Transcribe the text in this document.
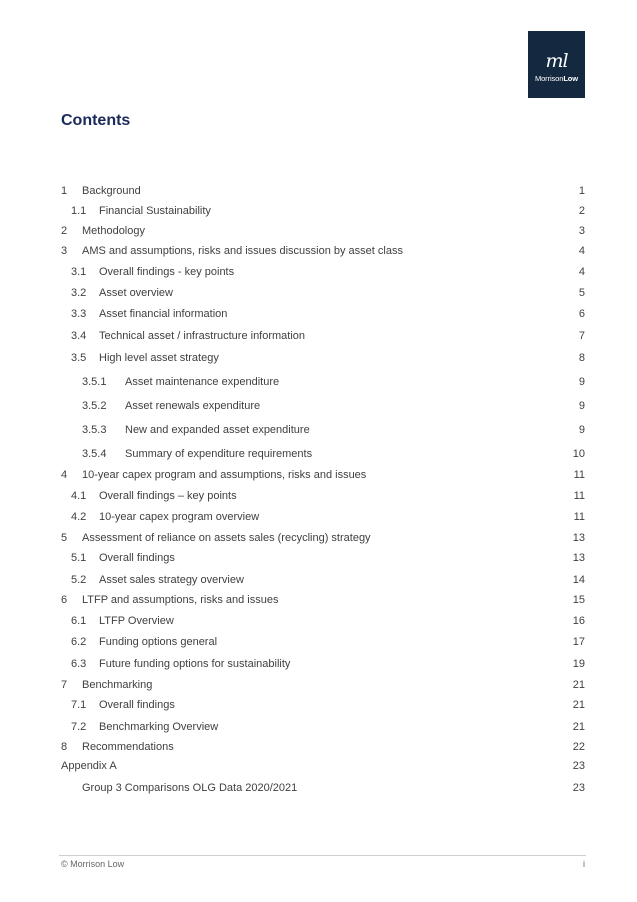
ml
MorrisonLow
Contents
1 Background	1
1.1 Financial Sustainability	2
2 Methodology	3
3 AMS and assumptions, risks and issues discussion by asset class	4
3.1 Overall findings - key points	4
3.2 Asset overview	5
3.3 Asset financial information	6
3.4 Technical asset / infrastructure information	7
3.5 High level asset strategy	8
3.5.1 Asset maintenance expenditure	9
3.5.2 Asset renewals expenditure	9
3.5.3 New and expanded asset expenditure	9
3.5.4 Summary of expenditure requirements	10
4 10-year capex program and assumptions, risks and issues	11
4.1 Overall findings – key points	11
4.2 10-year capex program overview	11
5 Assessment of reliance on assets sales (recycling) strategy	13
5.1 Overall findings	13
5.2 Asset sales strategy overview	14
6 LTFP and assumptions, risks and issues	15
6.1 LTFP Overview	16
6.2 Funding options general	17
6.3 Future funding options for sustainability	19
7 Benchmarking	21
7.1 Overall findings	21
7.2 Benchmarking Overview	21
8 Recommendations	22
Appendix A	23
Group 3 Comparisons OLG Data 2020/2021	23
© Morrison Low	i
